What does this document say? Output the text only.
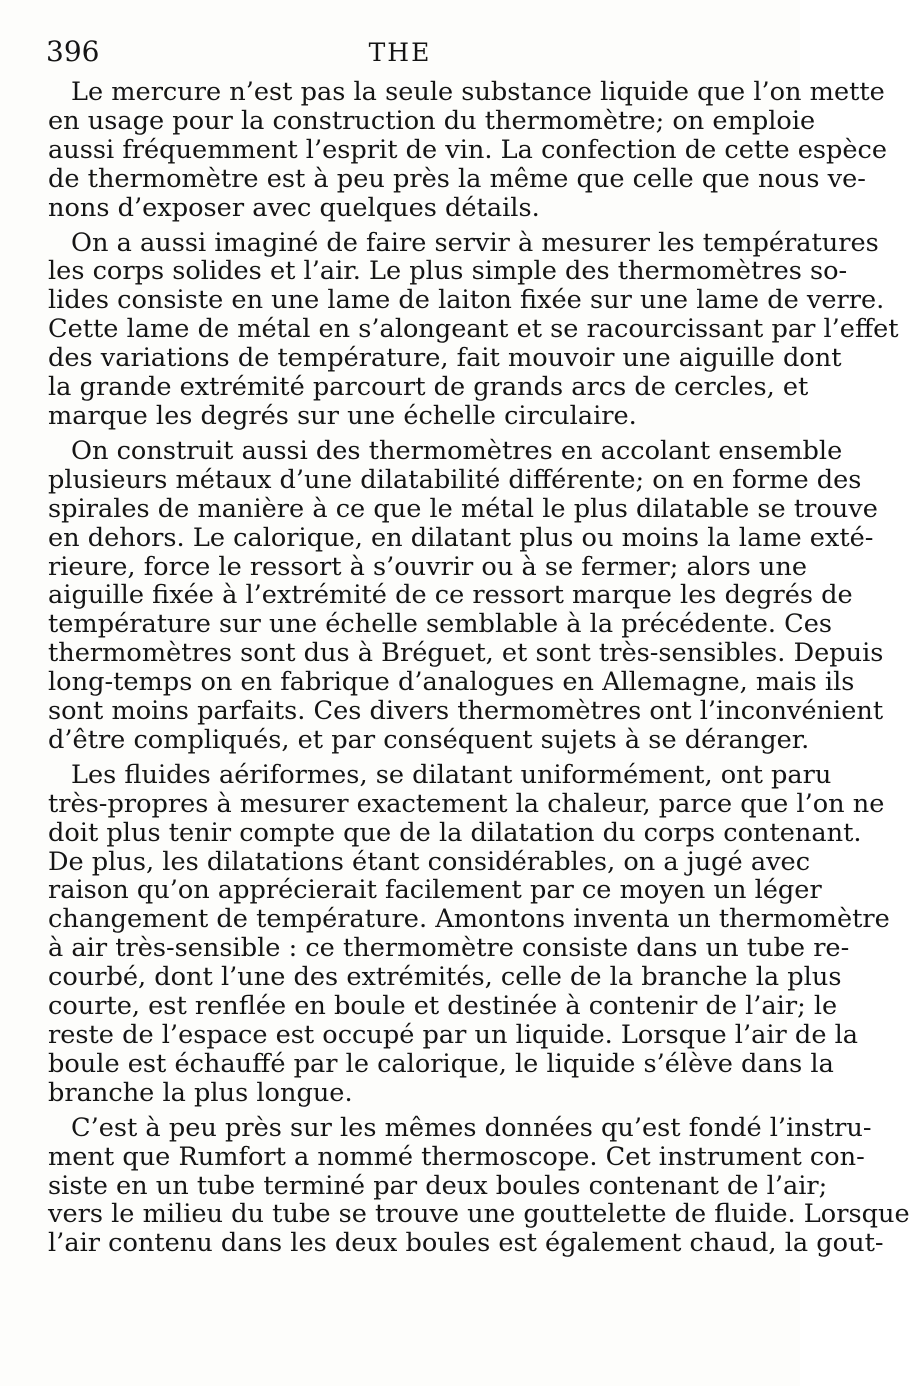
396	THE
Le mercure n’est pas la seule substance liquide que l’on mette
en usage pour la construction du thermomètre; on emploie
aussi fréquemment l’esprit de vin. La confection de cette espèce
de thermomètre est à peu près la même que celle que nous ve-
nons d’exposer avec quelques détails.
On a aussi imaginé de faire servir à mesurer les températures
les corps solides et l’air. Le plus simple des thermomètres so-
lides consiste en une lame de laiton fixée sur une lame de verre.
Cette lame de métal en s’alongeant et se racourcissant par l’effet
des variations de température, fait mouvoir une aiguille dont
la grande extrémité parcourt de grands arcs de cercles, et
marque les degrés sur une échelle circulaire.
On construit aussi des thermomètres en accolant ensemble
plusieurs métaux d’une dilatabilité différente; on en forme des
spirales de manière à ce que le métal le plus dilatable se trouve
en dehors. Le calorique, en dilatant plus ou moins la lame exté-
rieure, force le ressort à s’ouvrir ou à se fermer; alors une
aiguille fixée à l’extrémité de ce ressort marque les degrés de
température sur une échelle semblable à la précédente. Ces
thermomètres sont dus à Bréguet, et sont très-sensibles. Depuis
long-temps on en fabrique d’analogues en Allemagne, mais ils
sont moins parfaits. Ces divers thermomètres ont l’inconvénient
d’être compliqués, et par conséquent sujets à se déranger.
Les fluides aériformes, se dilatant uniformément, ont paru
très-propres à mesurer exactement la chaleur, parce que l’on ne
doit plus tenir compte que de la dilatation du corps contenant.
De plus, les dilatations étant considérables, on a jugé avec
raison qu’on apprécierait facilement par ce moyen un léger
changement de température. Amontons inventa un thermomètre
à air très-sensible : ce thermomètre consiste dans un tube re-
courbé, dont l’une des extrémités, celle de la branche la plus
courte, est renflée en boule et destinée à contenir de l’air; le
reste de l’espace est occupé par un liquide. Lorsque l’air de la
boule est échauffé par le calorique, le liquide s’élève dans la
branche la plus longue.
C’est à peu près sur les mêmes données qu’est fondé l’instru-
ment que Rumfort a nommé thermoscope. Cet instrument con-
siste en un tube terminé par deux boules contenant de l’air;
vers le milieu du tube se trouve une gouttelette de fluide. Lorsque
l’air contenu dans les deux boules est également chaud, la gout-
